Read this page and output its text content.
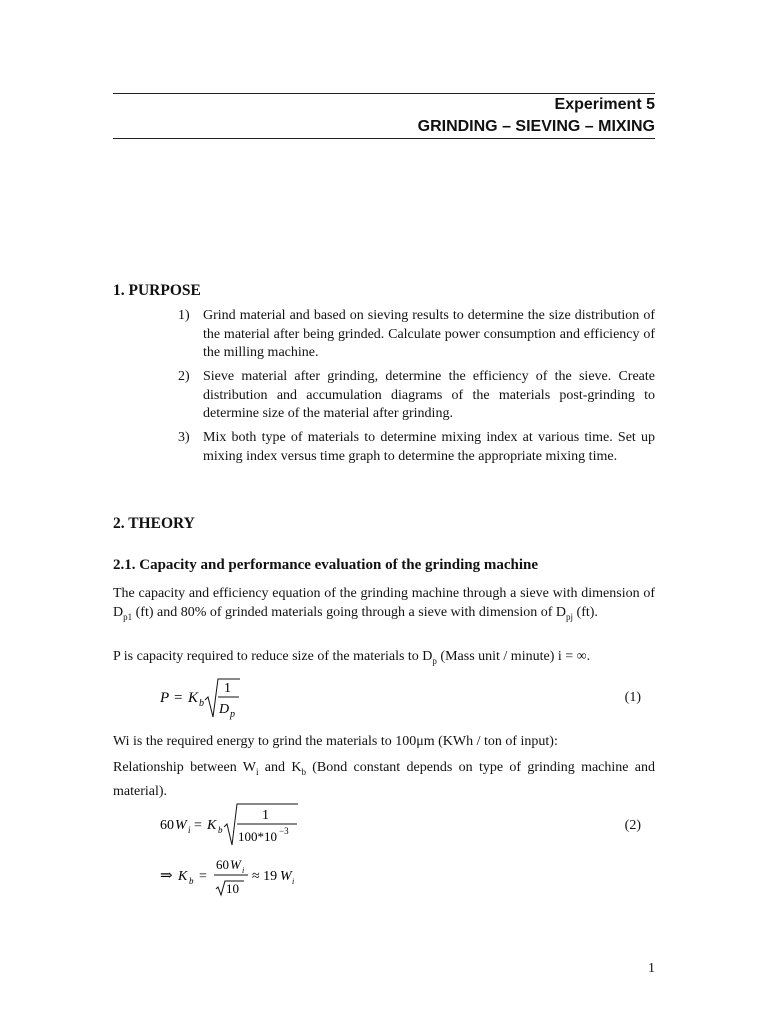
Experiment 5
GRINDING – SIEVING – MIXING
1. PURPOSE
1) Grind material and based on sieving results to determine the size distribution of the material after being grinded. Calculate power consumption and efficiency of the milling machine.
2) Sieve material after grinding, determine the efficiency of the sieve. Create distribution and accumulation diagrams of the materials post-grinding to determine size of the material after grinding.
3) Mix both type of materials to determine mixing index at various time. Set up mixing index versus time graph to determine the appropriate mixing time.
2. THEORY
2.1. Capacity and performance evaluation of the grinding machine
The capacity and efficiency equation of the grinding machine through a sieve with dimension of $D_{p1}$ (ft) and 80% of grinded materials going through a sieve with dimension of $D_{pj}$ (ft).
P is capacity required to reduce size of the materials to $D_p$ (Mass unit / minute) i = ∞.
P = K b
1
D p
(1)
Wi is the required energy to grind the materials to 100μm (KWh / ton of input):
Relationship between $W_i$ and $K_b$ (Bond constant depends on type of grinding machine and material).
60 W i = K b
1
100*10 −3	(2)
⇒ K b =
60 W i
10
≈ 19 W i
1
